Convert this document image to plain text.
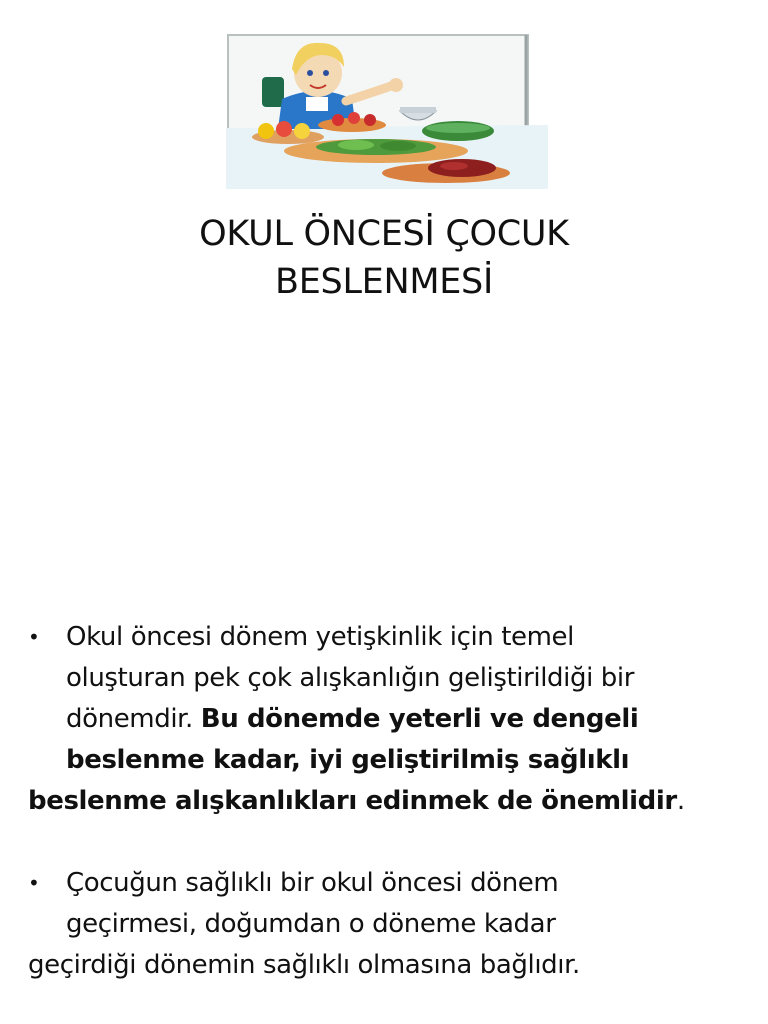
OKUL ÖNCESİ ÇOCUK
BESLENMESİ

•	Okul öncesi dönem yetişkinlik için temel
oluşturan pek çok alışkanlığın geliştirildiği bir
dönemdir. Bu dönemde yeterli ve dengeli
beslenme kadar, iyi geliştirilmiş sağlıklı
beslenme alışkanlıkları edinmek de önemlidir.

•	Çocuğun sağlıklı bir okul öncesi dönem
geçirmesi, doğumdan o döneme kadar
geçirdiği dönemin sağlıklı olmasına bağlıdır.
